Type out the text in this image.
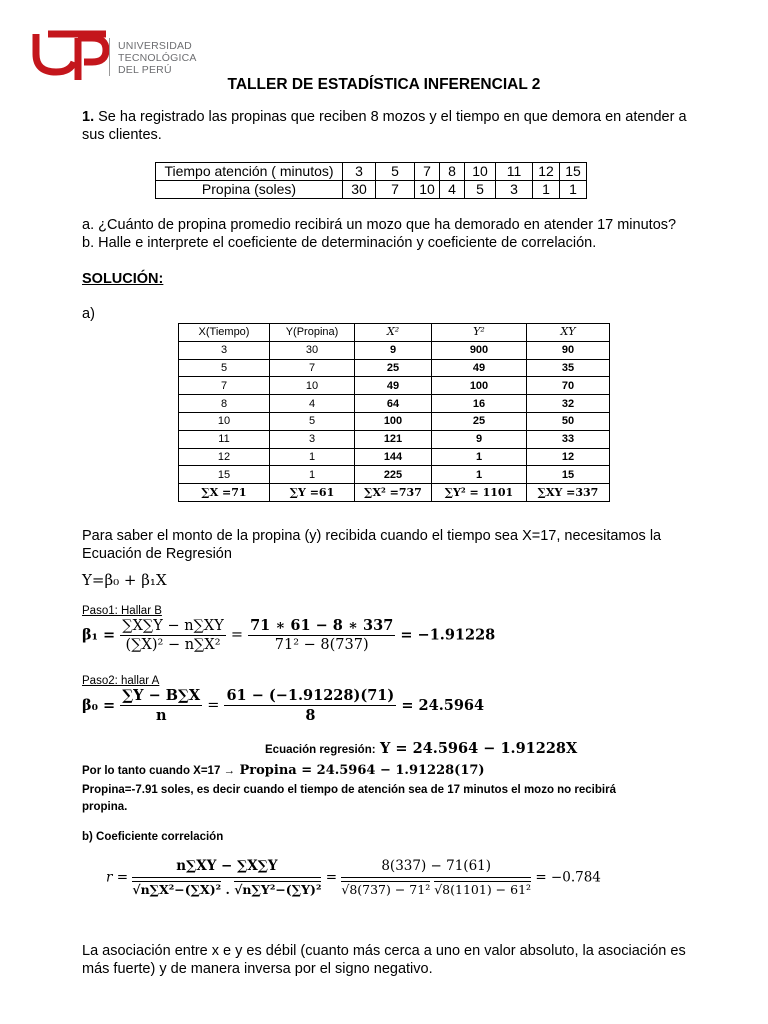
UNIVERSIDAD
TECNOLÓGICA
DEL PERÚ
TALLER DE ESTADÍSTICA INFERENCIAL 2
1. Se ha registrado las propinas que reciben 8 mozos y el tiempo en que demora en atender a
sus clientes.
Tiempo atención ( minutos)	3	5	7	8	10	11	12	15
Propina (soles)	30	7	10	4	5	3	1	1
a. ¿Cuánto de propina promedio recibirá un mozo que ha demorado en atender 17 minutos?
b. Halle e interprete el coeficiente de determinación y coeficiente de correlación.
SOLUCIÓN:
a)
X(Tiempo)	Y(Propina)	X²	Y²	XY
3	30	9	900	90
5	7	25	49	35
7	10	49	100	70
8	4	64	16	32
10	5	100	25	50
11	3	121	9	33
12	1	144	1	12
15	1	225	1	15
∑X =71	∑Y =61	∑X² =737	∑Y² = 1101	∑XY =337
Para saber el monto de la propina (y) recibida cuando el tiempo sea X=17, necesitamos la
Ecuación de Regresión
Y=β₀ + β₁X
Paso1: Hallar B
$\beta_1 = \frac{\sum X\sum Y - n\sum XY}{\text{(∑X)² − n∑X²}} = \frac{71 ∗ 61 - 8 ∗ 337}{\text{71² − 8(737)}} = -1.91228$
Paso2: hallar A
$\beta_0 = \frac{\sum Y - B\sum X}{n} = \frac{61 - (-1.91228)(71)}{8} = 24.5964$
Ecuación regresión: Y = 24.5964 − 1.91228X
Por lo tanto cuando X=17 → Propina = 24.5964 − 1.91228(17)
Propina=-7.91 soles, es decir cuando el tiempo de atención sea de 17 minutos el mozo no recibirá
propina.
b) Coeficiente correlación
$r = \frac{n\sum XY - \sum X\sum Y}{\text{√n∑X²−(∑X)² . √n∑Y²−(∑Y)²}} = \frac{8(337) - 71(61)}{\text{√8(737) − 71² √8(1101) − 61²}} = -0.784$
La asociación entre x e y es débil (cuanto más cerca a uno en valor absoluto, la asociación es
más fuerte) y de manera inversa por el signo negativo.
